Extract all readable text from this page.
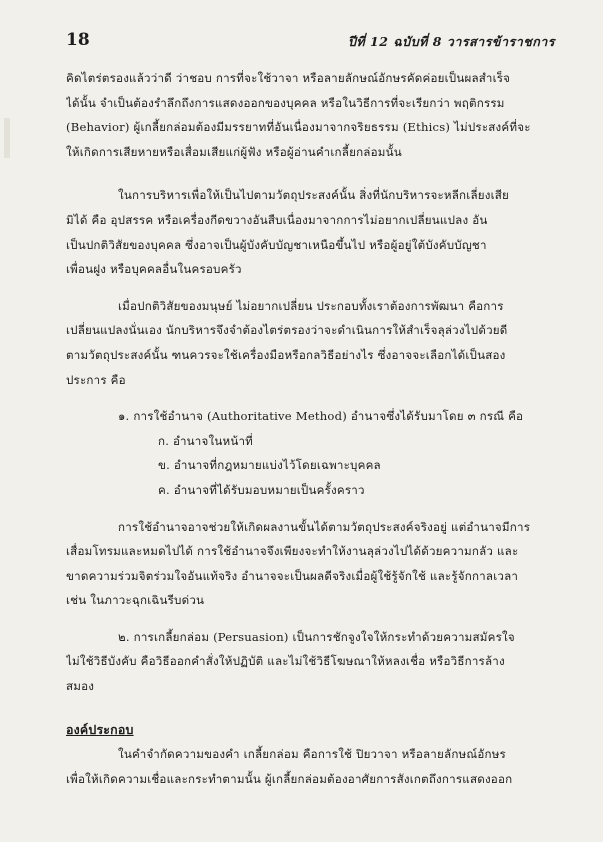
18	ปีที่ 12 ฉบับที่ 8 วารสารข้าราชการ
คิดไตร่ตรองแล้วว่าดี ว่าชอบ การที่จะใช้วาจา หรือลายลักษณ์อักษรคัดค่อยเป็นผลสำเร็จ
ได้นั้น จำเป็นต้องรำลึกถึงการแสดงออกของบุคคล หรือในวิธีการที่จะเรียกว่า พฤติกรรม
(Behavior) ผู้เกลี้ยกล่อมต้องมีมรรยาทที่อันเนื่องมาจากจริยธรรม (Ethics) ไม่ประสงค์ที่จะ
ให้เกิดการเสียหายหรือเสื่อมเสียแก่ผู้ฟัง หรือผู้อ่านคำเกลี้ยกล่อมนั้น
ในการบริหารเพื่อให้เป็นไปตามวัตถุประสงค์นั้น สิ่งที่นักบริหารจะหลีกเลี่ยงเสีย
มิได้ คือ อุปสรรค หรือเครื่องกีดขวางอันสืบเนื่องมาจากการไม่อยากเปลี่ยนแปลง อัน
เป็นปกติวิสัยของบุคคล ซึ่งอาจเป็นผู้บังคับบัญชาเหนือขึ้นไป หรือผู้อยู่ใต้บังคับบัญชา
เพื่อนฝูง หรือบุคคลอื่นในครอบครัว
เมื่อปกติวิสัยของมนุษย์ ไม่อยากเปลี่ยน ประกอบทั้งเราต้องการพัฒนา คือการ
เปลี่ยนแปลงนั่นเอง นักบริหารจึงจำต้องไตร่ตรองว่าจะดำเนินการให้สำเร็จลุล่วงไปด้วยดี
ตามวัตถุประสงค์นั้น ฑนควรจะใช้เครื่องมือหรือกลวิธีอย่างไร ซึ่งอาจจะเลือกได้เป็นสอง
ประการ คือ
๑. การใช้อำนาจ (Authoritative Method) อำนาจซึ่งได้รับมาโดย ๓ กรณี คือ
ก. อำนาจในหน้าที่
ข. อำนาจที่กฎหมายแบ่งไว้โดยเฉพาะบุคคล
ค. อำนาจที่ได้รับมอบหมายเป็นครั้งคราว
การใช้อำนาจอาจช่วยให้เกิดผลงานขั้นได้ตามวัตถุประสงค์จริงอยู่ แต่อำนาจมีการ
เสื่อมโทรมและหมดไปได้ การใช้อำนาจจึงเพียงจะทำให้งานลุล่วงไปได้ด้วยความกลัว และ
ขาดความร่วมจิตร่วมใจอันแท้จริง อำนาจจะเป็นผลดีจริงเมื่อผู้ใช้รู้จักใช้ และรู้จักกาลเวลา
เช่น ในภาวะฉุกเฉินรีบด่วน
๒. การเกลี้ยกล่อม (Persuasion) เป็นการชักจูงใจให้กระทำด้วยความสมัครใจ
ไม่ใช้วิธีบังคับ คือวิธีออกคำสั่งให้ปฏิบัติ และไม่ใช้วิธีโฆษณาให้หลงเชื่อ หรือวิธีการล้าง
สมอง
องค์ประกอบ
ในคำจำกัดความของคำ เกลี้ยกล่อม คือการใช้ ปิยวาจา หรือลายลักษณ์อักษร
เพื่อให้เกิดความเชื่อและกระทำตามนั้น ผู้เกลี้ยกล่อมต้องอาศัยการสังเกตถึงการแสดงออก
